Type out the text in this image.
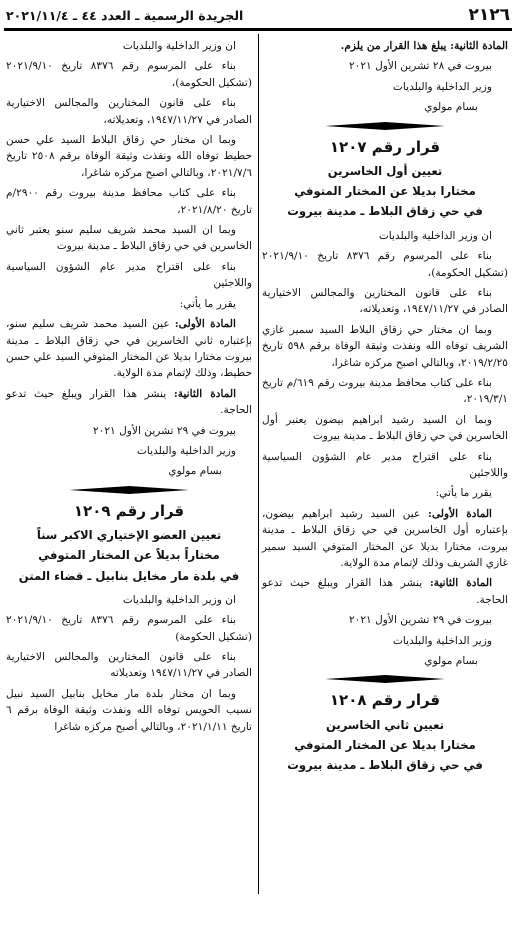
٢١٢٦
الجريدة الرسمية ـ العدد ٤٤ ـ ٢٠٢١/١١/٤

المادة الثانية: يبلغ هذا القرار من يلزم.

بيروت في ٢٨ تشرين الأول ٢٠٢١

وزير الداخلية والبلديات

بسام مولوي

قرار رقم ١٢٠٧
تعيين أول الخاسرين
مختارا بديلا عن المختار المتوفي
في حي زقاق البلاط ـ مدينة بيروت

ان وزير الداخلية والبلديات

بناء على المرسوم رقم ٨٣٧٦ تاريخ ٢٠٢١/٩/١٠ (تشكيل الحكومة)،

بناء على قانون المختارين والمجالس الاختيارية الصادر في ١٩٤٧/١١/٢٧، وتعديلاته،

وبما ان مختار حي زقاق البلاط السيد سمير غازي الشريف توفاه الله ونفذت وثيقة الوفاة برقم ٥٩٨ تاريخ ٢٠١٩/٢/٢٥، وبالتالي اصبح مركزه شاغرا،

بناء على كتاب محافظ مدينة بيروت رقم ٦١٩/م تاريخ ٢٠١٩/٣/١،

وبما ان السيد رشيد ابراهيم بيضون يعتبر أول الخاسرين في حي زقاق البلاط ـ مدينة بيروت

بناء على اقتراح مدير عام الشؤون السياسية واللاجئين

يقرر ما يأتي:

المادة الأولى: عين السيد رشيد ابراهيم بيضون، بإعتباره أول الخاسرين في حي زقاق البلاط ـ مدينة بيروت، مختارا بديلا عن المختار المتوفي السيد سمير غازي الشريف وذلك لإتمام مدة الولاية.

المادة الثانية: ينشر هذا القرار ويبلغ حيث تدعو الحاجة.

بيروت في ٢٩ تشرين الأول ٢٠٢١

وزير الداخلية والبلديات

بسام مولوي

قرار رقم ١٢٠٨
تعيين ثاني الخاسرين
مختارا بديلا عن المختار المتوفي
في حي زقاق البلاط ـ مدينة بيروت

ان وزير الداخلية والبلديات

بناء على المرسوم رقم ٨٣٧٦ تاريخ ٢٠٢١/٩/١٠ (تشكيل الحكومة)،

بناء على قانون المختارين والمجالس الاختيارية الصادر في ١٩٤٧/١١/٢٧، وتعديلاته،

وبما ان مختار حي زقاق البلاط السيد علي حسن حطيط توفاه الله ونفذت وثيقة الوفاة برقم ٢٥٠٨ تاريخ ٢٠٢١/٧/٦، وبالتالي اصبح مركزه شاغرا،

بناء على كتاب محافظ مدينة بيروت رقم ٢٩٠٠/م تاريخ ٢٠٢١/٨/٢٠،

وبما ان السيد محمد شريف سليم سنو يعتبر ثاني الخاسرين في حي زقاق البلاط ـ مدينة بيروت

بناء على اقتراح مدير عام الشؤون السياسية واللاجئين

يقرر ما يأتي:

المادة الأولى: عين السيد محمد شريف سليم سنو، بإعتباره ثاني الخاسرين في حي زقاق البلاط ـ مدينة بيروت مختارا بديلا عن المختار المتوفي السيد علي حسن حطيط، وذلك لإتمام مدة الولاية.

المادة الثانية: ينشر هذا القرار ويبلغ حيث تدعو الحاجة.

بيروت في ٢٩ تشرين الأول ٢٠٢١

وزير الداخلية والبلديات

بسام مولوي

قرار رقم ١٢٠٩
تعيين العضو الإختياري الاكبر سناً
مختاراً بديلاً عن المختار المتوفي
في بلدة مار مخايل بنابيل ـ قضاء المتن

ان وزير الداخلية والبلديات

بناء على المرسوم رقم ٨٣٧٦ تاريخ ٢٠٢١/٩/١٠ (تشكيل الحكومة)

بناء على قانون المختارين والمجالس الاختيارية الصادر في ١٩٤٧/١١/٢٧ وتعديلاته

وبما ان مختار بلدة مار مخايل بنابيل السيد نبيل نسيب الحويس توفاه الله ونفذت وثيقة الوفاة برقم ٦ تاريخ ٢٠٢١/١/١١، وبالتالي أصبح مركزه شاغرا
